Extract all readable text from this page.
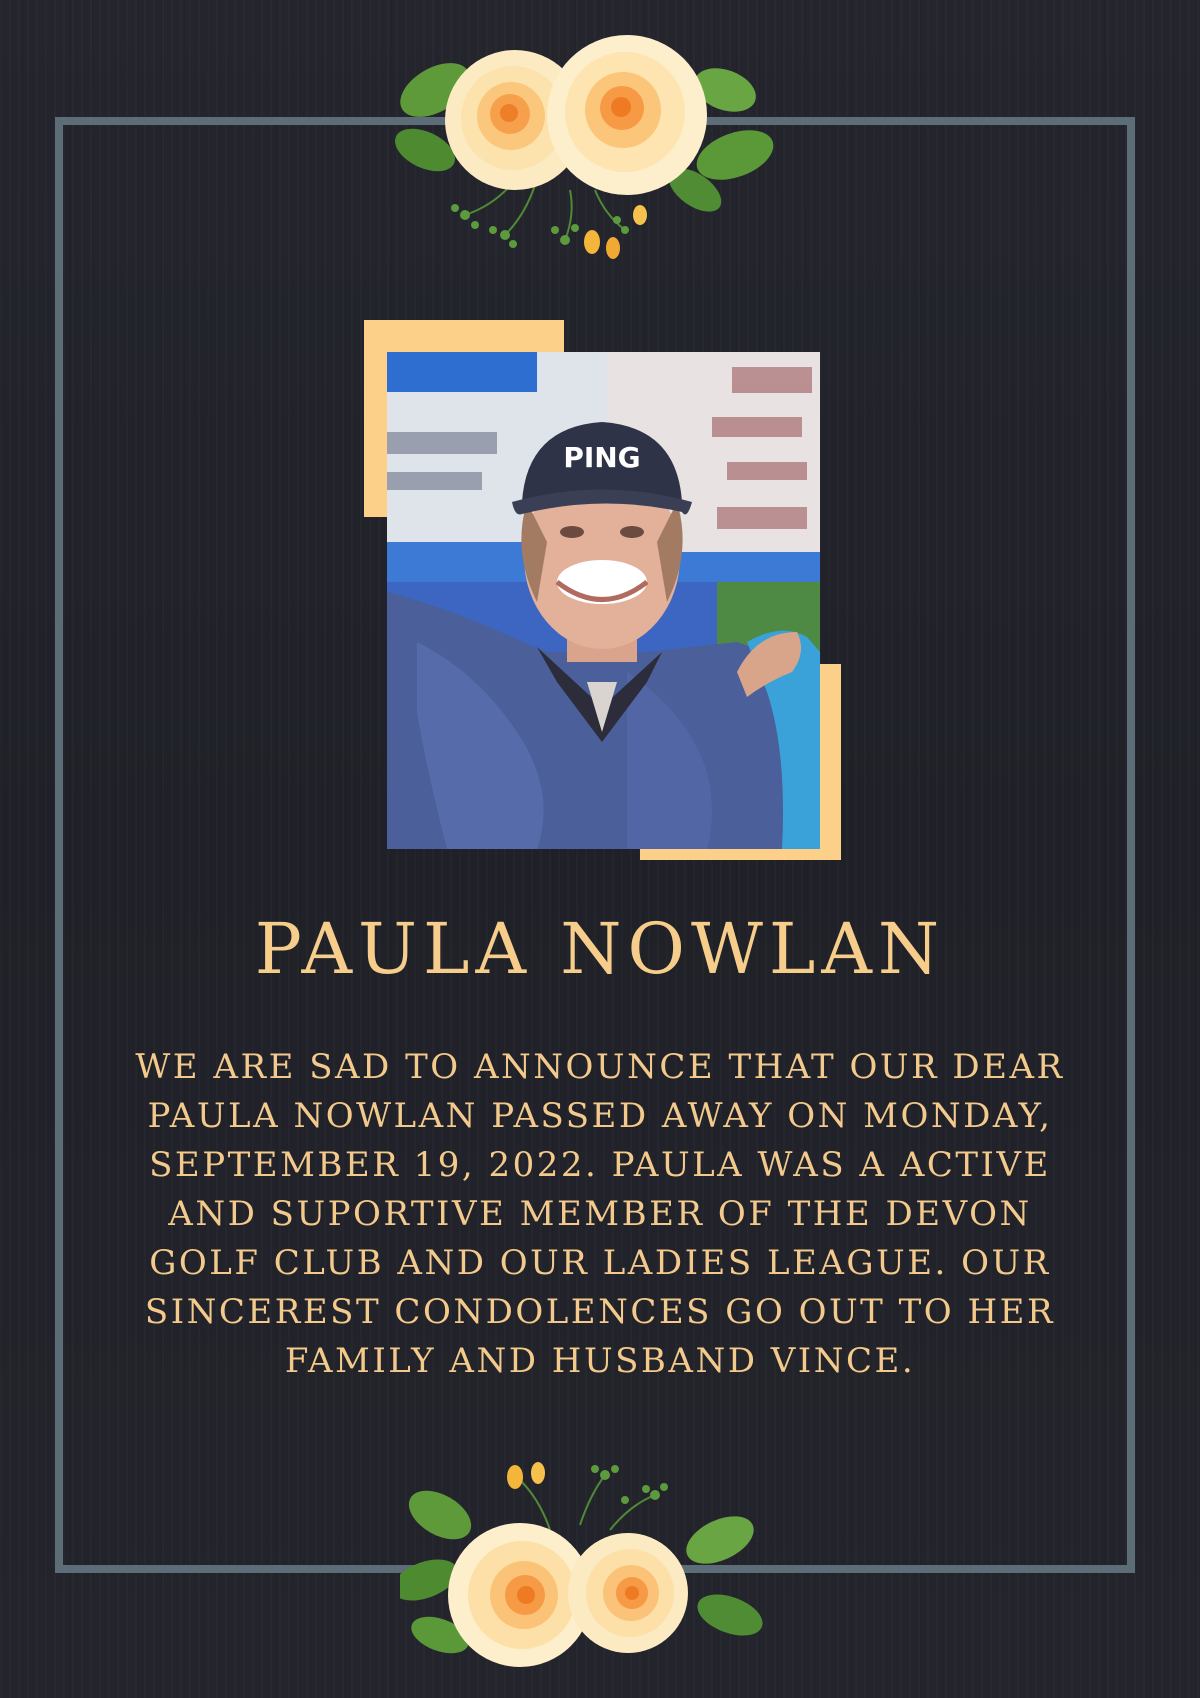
PING
PAULA NOWLAN

WE ARE SAD TO ANNOUNCE THAT OUR DEAR PAULA NOWLAN PASSED AWAY ON MONDAY, SEPTEMBER 19, 2022. PAULA WAS A ACTIVE AND SUPORTIVE MEMBER OF THE DEVON GOLF CLUB AND OUR LADIES LEAGUE. OUR SINCEREST CONDOLENCES GO OUT TO HER FAMILY AND HUSBAND VINCE.
